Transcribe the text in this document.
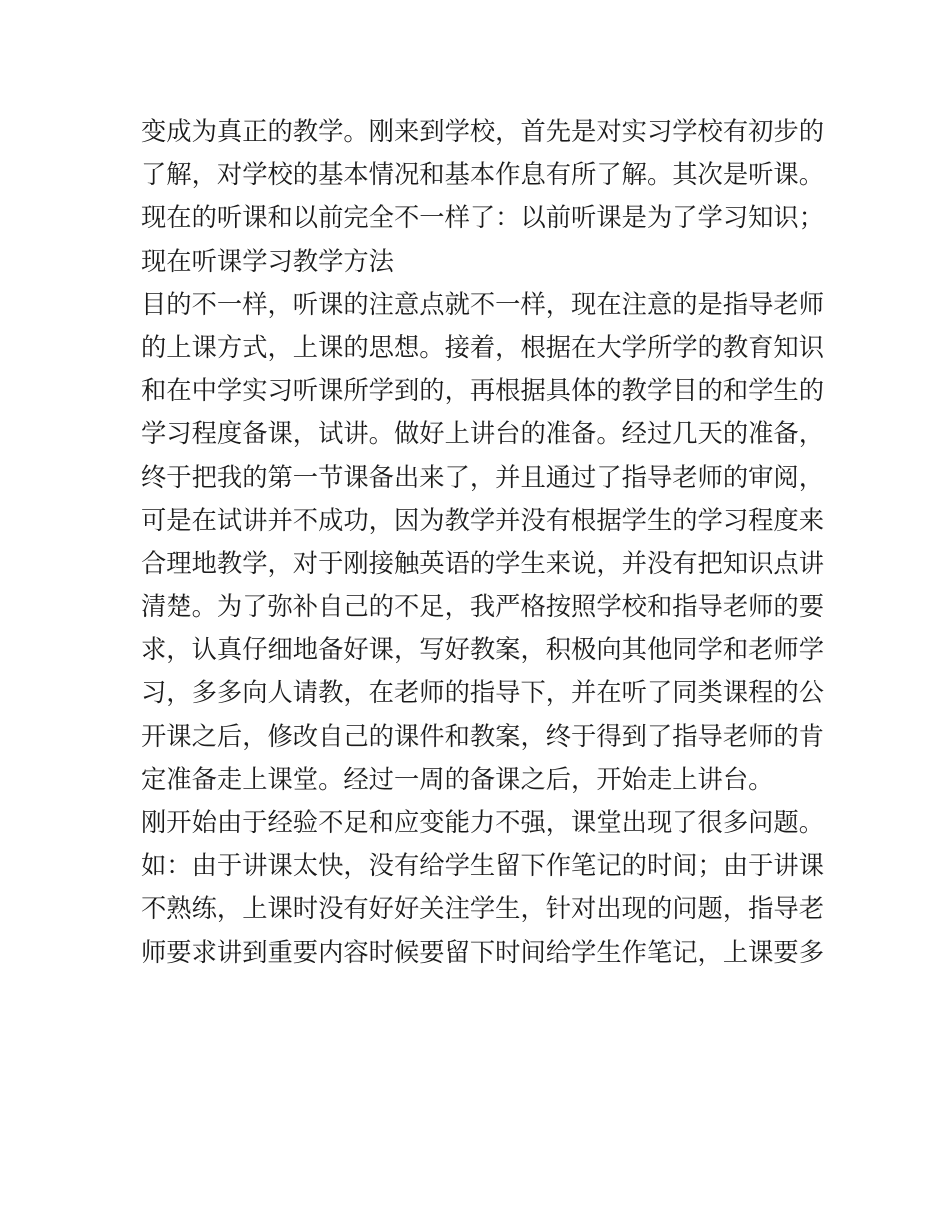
变成为真正的教学。刚来到学校，首先是对实习学校有初步的
了解，对学校的基本情况和基本作息有所了解。其次是听课。
现在的听课和以前完全不一样了：以前听课是为了学习知识；
现在听课学习教学方法
目的不一样，听课的注意点就不一样，现在注意的是指导老师
的上课方式，上课的思想。接着，根据在大学所学的教育知识
和在中学实习听课所学到的，再根据具体的教学目的和学生的
学习程度备课，试讲。做好上讲台的准备。经过几天的准备，
终于把我的第一节课备出来了，并且通过了指导老师的审阅，
可是在试讲并不成功，因为教学并没有根据学生的学习程度来
合理地教学，对于刚接触英语的学生来说，并没有把知识点讲
清楚。为了弥补自己的不足，我严格按照学校和指导老师的要
求，认真仔细地备好课，写好教案，积极向其他同学和老师学
习，多多向人请教，在老师的指导下，并在听了同类课程的公
开课之后，修改自己的课件和教案，终于得到了指导老师的肯
定准备走上课堂。经过一周的备课之后，开始走上讲台。
刚开始由于经验不足和应变能力不强，课堂出现了很多问题。
如：由于讲课太快，没有给学生留下作笔记的时间；由于讲课
不熟练，上课时没有好好关注学生，针对出现的问题，指导老
师要求讲到重要内容时候要留下时间给学生作笔记，上课要多
